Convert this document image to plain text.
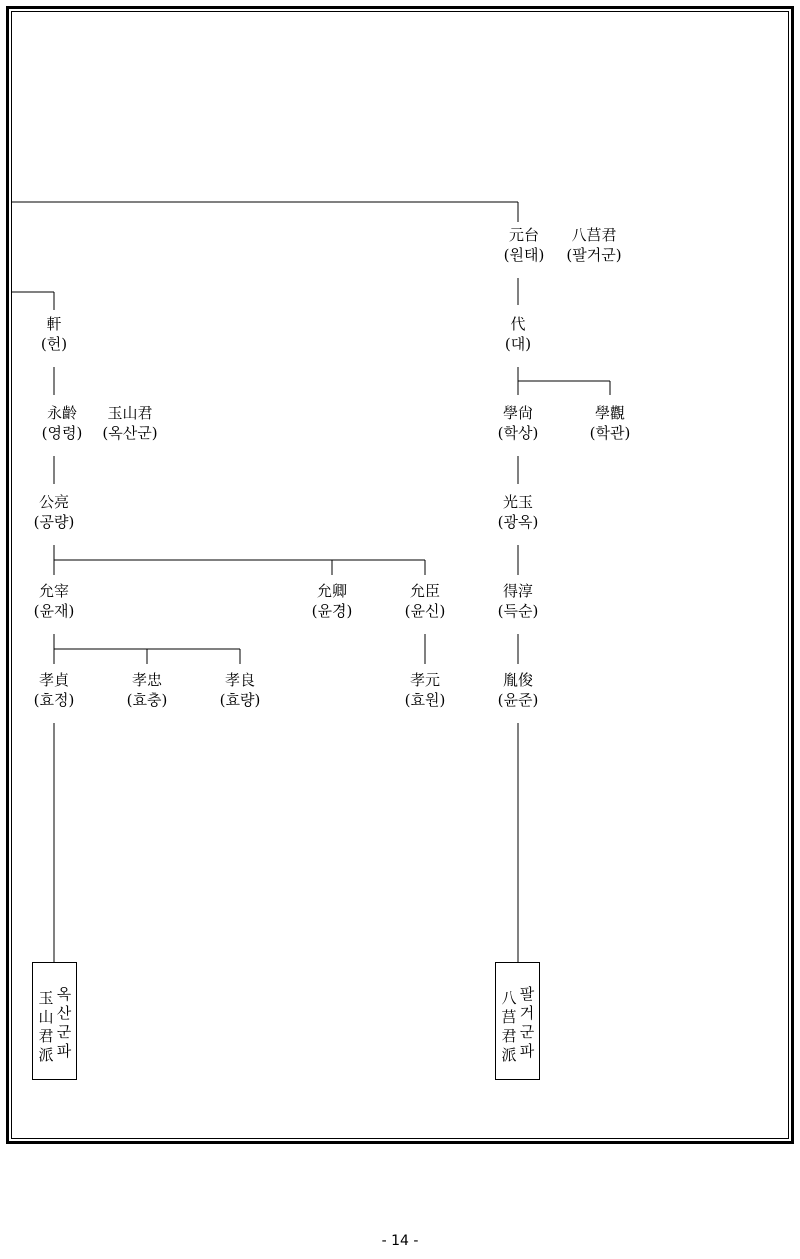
元台
(원태)
八莒君
(팔거군)
軒
(헌)
代
(대)
永齡
(영령)
玉山君
(옥산군)
學尙
(학상)
學觀
(학관)
公亮
(공량)
光玉
(광옥)
允宰
(윤재)
允卿
(윤경)
允臣
(윤신)
得淳
(득순)
孝貞
(효정)
孝忠
(효충)
孝良
(효량)
孝元
(효원)
胤俊
(윤준)
玉山君派
옥산군파
八莒君派
팔거군파
- 14 -
